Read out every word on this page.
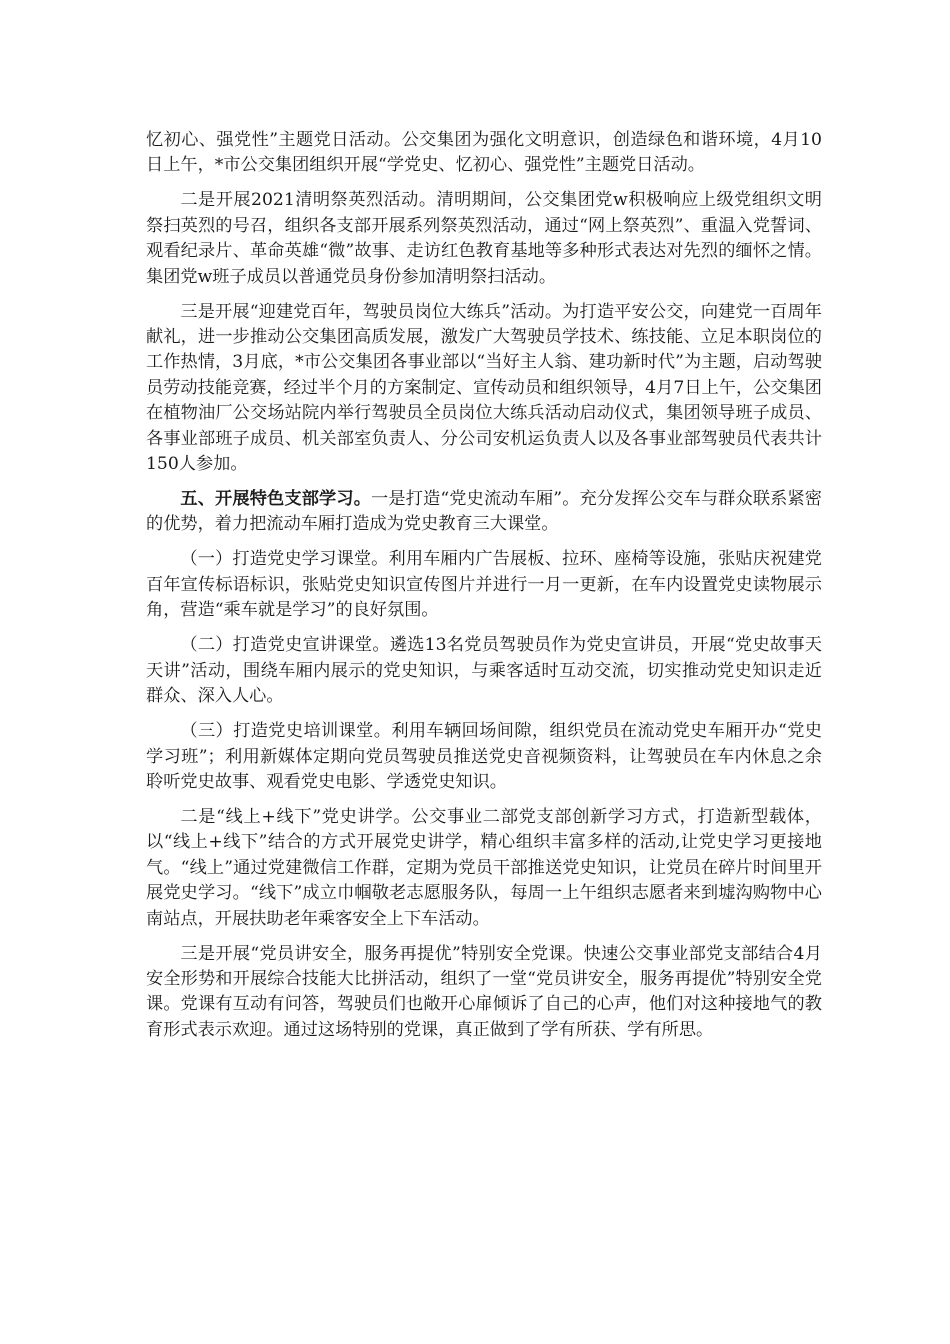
忆初心、强党性”主题党日活动。公交集团为强化文明意识，创造绿色和谐环境，4月10日上午，*市公交集团组织开展“学党史、忆初心、强党性”主题党日活动。

二是开展2021清明祭英烈活动。清明期间，公交集团党w积极响应上级党组织文明祭扫英烈的号召，组织各支部开展系列祭英烈活动，通过“网上祭英烈”、重温入党誓词、观看纪录片、革命英雄“微”故事、走访红色教育基地等多种形式表达对先烈的缅怀之情。集团党w班子成员以普通党员身份参加清明祭扫活动。

三是开展“迎建党百年，驾驶员岗位大练兵”活动。为打造平安公交，向建党一百周年献礼，进一步推动公交集团高质发展，激发广大驾驶员学技术、练技能、立足本职岗位的工作热情，3月底，*市公交集团各事业部以“当好主人翁、建功新时代”为主题，启动驾驶员劳动技能竞赛，经过半个月的方案制定、宣传动员和组织领导，4月7日上午，公交集团在植物油厂公交场站院内举行驾驶员全员岗位大练兵活动启动仪式，集团领导班子成员、各事业部班子成员、机关部室负责人、分公司安机运负责人以及各事业部驾驶员代表共计150人参加。

五、开展特色支部学习。一是打造“党史流动车厢”。充分发挥公交车与群众联系紧密的优势，着力把流动车厢打造成为党史教育三大课堂。

（一）打造党史学习课堂。利用车厢内广告展板、拉环、座椅等设施，张贴庆祝建党百年宣传标语标识，张贴党史知识宣传图片并进行一月一更新，在车内设置党史读物展示角，营造“乘车就是学习”的良好氛围。

（二）打造党史宣讲课堂。遴选13名党员驾驶员作为党史宣讲员，开展“党史故事天天讲”活动，围绕车厢内展示的党史知识，与乘客适时互动交流，切实推动党史知识走近群众、深入人心。

（三）打造党史培训课堂。利用车辆回场间隙，组织党员在流动党史车厢开办“党史学习班”；利用新媒体定期向党员驾驶员推送党史音视频资料，让驾驶员在车内休息之余聆听党史故事、观看党史电影、学透党史知识。

二是“线上+线下”党史讲学。公交事业二部党支部创新学习方式，打造新型载体，以“线上+线下”结合的方式开展党史讲学，精心组织丰富多样的活动,让党史学习更接地气。“线上”通过党建微信工作群，定期为党员干部推送党史知识，让党员在碎片时间里开展党史学习。“线下”成立巾帼敬老志愿服务队，每周一上午组织志愿者来到墟沟购物中心南站点，开展扶助老年乘客安全上下车活动。

三是开展“党员讲安全，服务再提优”特别安全党课。快速公交事业部党支部结合4月安全形势和开展综合技能大比拼活动，组织了一堂“党员讲安全，服务再提优”特别安全党课。党课有互动有问答，驾驶员们也敞开心扉倾诉了自己的心声，他们对这种接地气的教育形式表示欢迎。通过这场特别的党课，真正做到了学有所获、学有所思。
